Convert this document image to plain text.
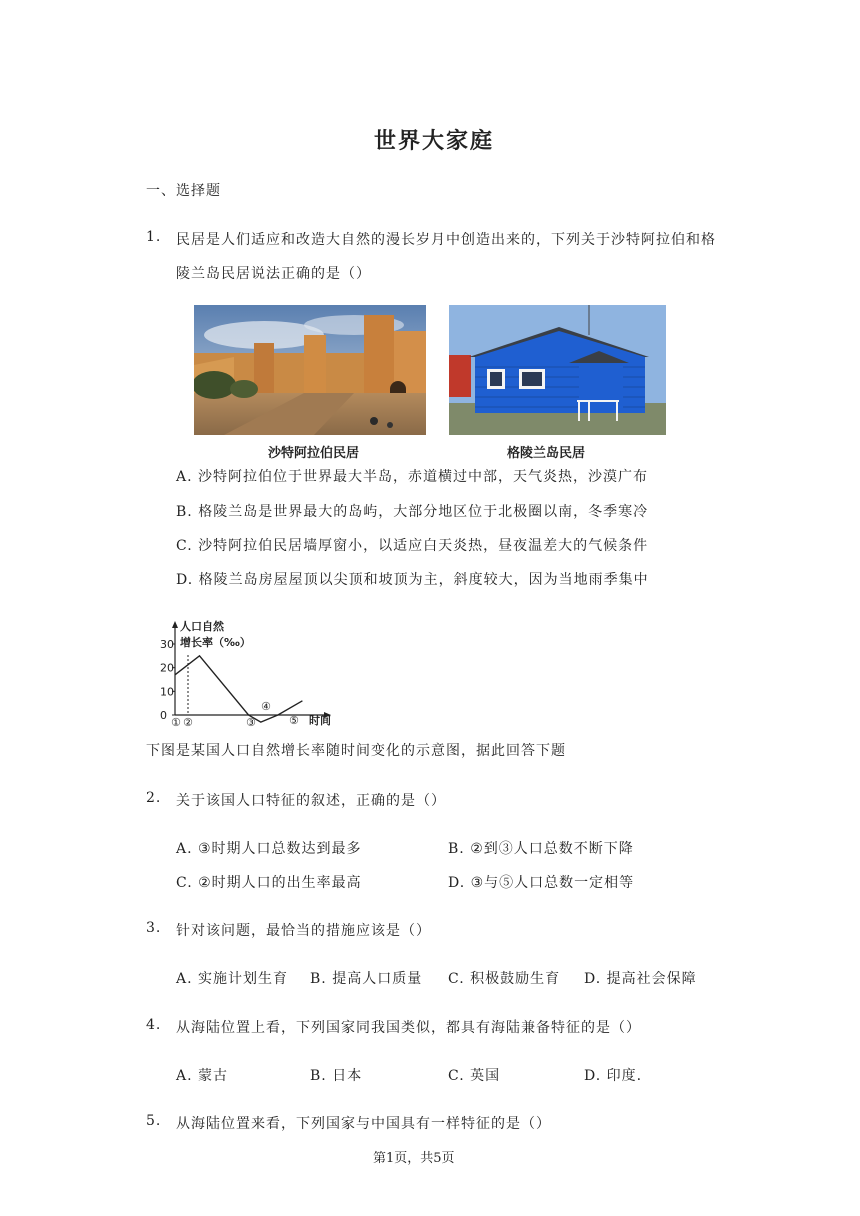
世界大家庭
一、选择题
1. 民居是人们适应和改造大自然的漫长岁月中创造出来的，下列关于沙特阿拉伯和格
陵兰岛民居说法正确的是（）
沙特阿拉伯民居	格陵兰岛民居
A. 沙特阿拉伯位于世界最大半岛，赤道横过中部，天气炎热，沙漠广布
B. 格陵兰岛是世界最大的岛屿，大部分地区位于北极圈以南，冬季寒冷
C. 沙特阿拉伯民居墙厚窗小，以适应白天炎热，昼夜温差大的气候条件
D. 格陵兰岛房屋屋顶以尖顶和坡顶为主，斜度较大，因为当地雨季集中
人口自然
增长率（‰）
时间
30
20
10
0
① ②	③
④
⑤
下图是某国人口自然增长率随时间变化的示意图，据此回答下题
2. 关于该国人口特征的叙述，正确的是（）
A. ③时期人口总数达到最多	B. ②到③人口总数不断下降
C. ②时期人口的出生率最高	D. ③与⑤人口总数一定相等
3. 针对该问题，最恰当的措施应该是（）
A. 实施计划生育 B. 提高人口质量 C. 积极鼓励生育 D. 提高社会保障
4. 从海陆位置上看，下列国家同我国类似，都具有海陆兼备特征的是（）
A. 蒙古	B. 日本	C. 英国	D. 印度.
5. 从海陆位置来看，下列国家与中国具有一样特征的是（）
第1页，共5页
